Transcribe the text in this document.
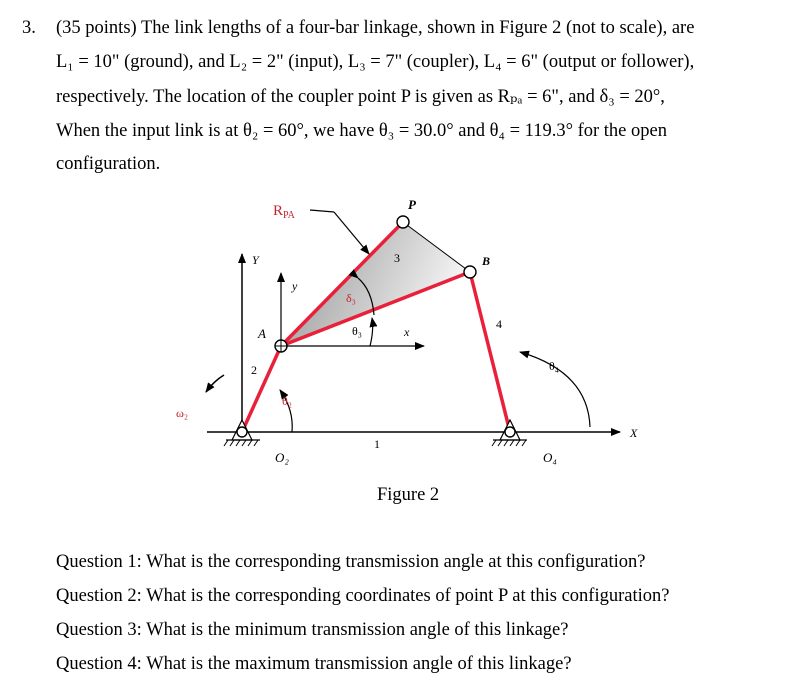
3. (35 points) The link lengths of a four-bar linkage, shown in Figure 2 (not to scale), are
L₁ = 10" (ground), and L₂ = 2" (input), L₃ = 7" (coupler), L₄ = 6" (output or follower),
respectively. The location of the coupler point P is given as Rₚₐ = 6", and δ₃ = 20°,
When the input link is at θ₂ = 60°, we have θ₃ = 30.0° and θ₄ = 119.3° for the open
configuration.
$R_{PA}$
P
B
A
3
4
2
1
Y
y
X
x
δ₃
θ₃
θ₂
θ₄
ω₂
O₂	O₄
Figure 2
Question 1: What is the corresponding transmission angle at this configuration?
Question 2: What is the corresponding coordinates of point P at this configuration?
Question 3: What is the minimum transmission angle of this linkage?
Question 4: What is the maximum transmission angle of this linkage?
